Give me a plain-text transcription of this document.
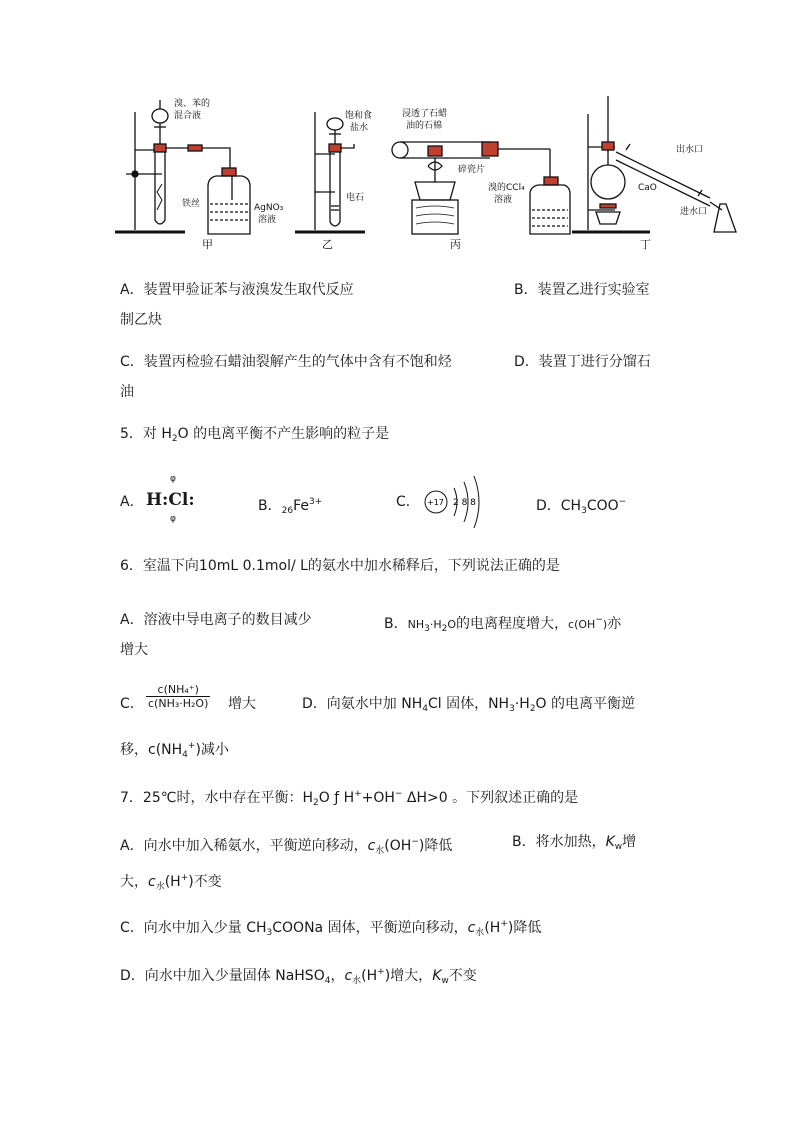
溴、苯的
混合液
铁丝	AgNO₃
溶液
饱和食
盐水
电石
浸透了石蜡
油的石棉
碎瓷片
溴的CCl₄
溶液
出水口
CaO
进水口
甲	乙	丙	丁
A．装置甲验证苯与液溴发生取代反应	B．装置乙进行实验室
制乙炔
C．装置丙检验石蜡油裂解产生的气体中含有不饱和烃	D．装置丁进行分馏石
油
5．对 $H_2O$ 的电离平衡不产生影响的粒子是
A．
φ
H:Cl:
φ
B．$_{26}Fe^{3+}$	C． +17 2 8 8	D．$CH_3COO^-$
6．室温下向10mL 0.1mol/ L的氨水中加水稀释后，下列说法正确的是
A．溶液中导电离子的数目减少	B．$NH_3\cdot H_2O$的电离程度增大，c(OH−)亦
增大
C． $\frac{\text{c(NH₄⁺)}}{\text{c(NH₃·H₂O)}}$ 增大	D．向氨水中加 $NH_4Cl$ 固体，$NH_3\cdot H_2O$ 的电离平衡逆
移，$c(NH_4^+)$减小
7．25℃时，水中存在平衡：$H_2O$ ƒ H++OH− ΔH>0 。下列叙述正确的是
A．向水中加入稀氨水，平衡逆向移动，$c_水(OH^-)$降低	B．将水加热，$K_w$增
大，$c_水(H^+)$不变
C．向水中加入少量 $CH_3COONa$ 固体，平衡逆向移动，$c_水(H^+)$降低
D．向水中加入少量固体 NaHSO$_4$，$c_水(H^+)$增大，$K_w$不变
